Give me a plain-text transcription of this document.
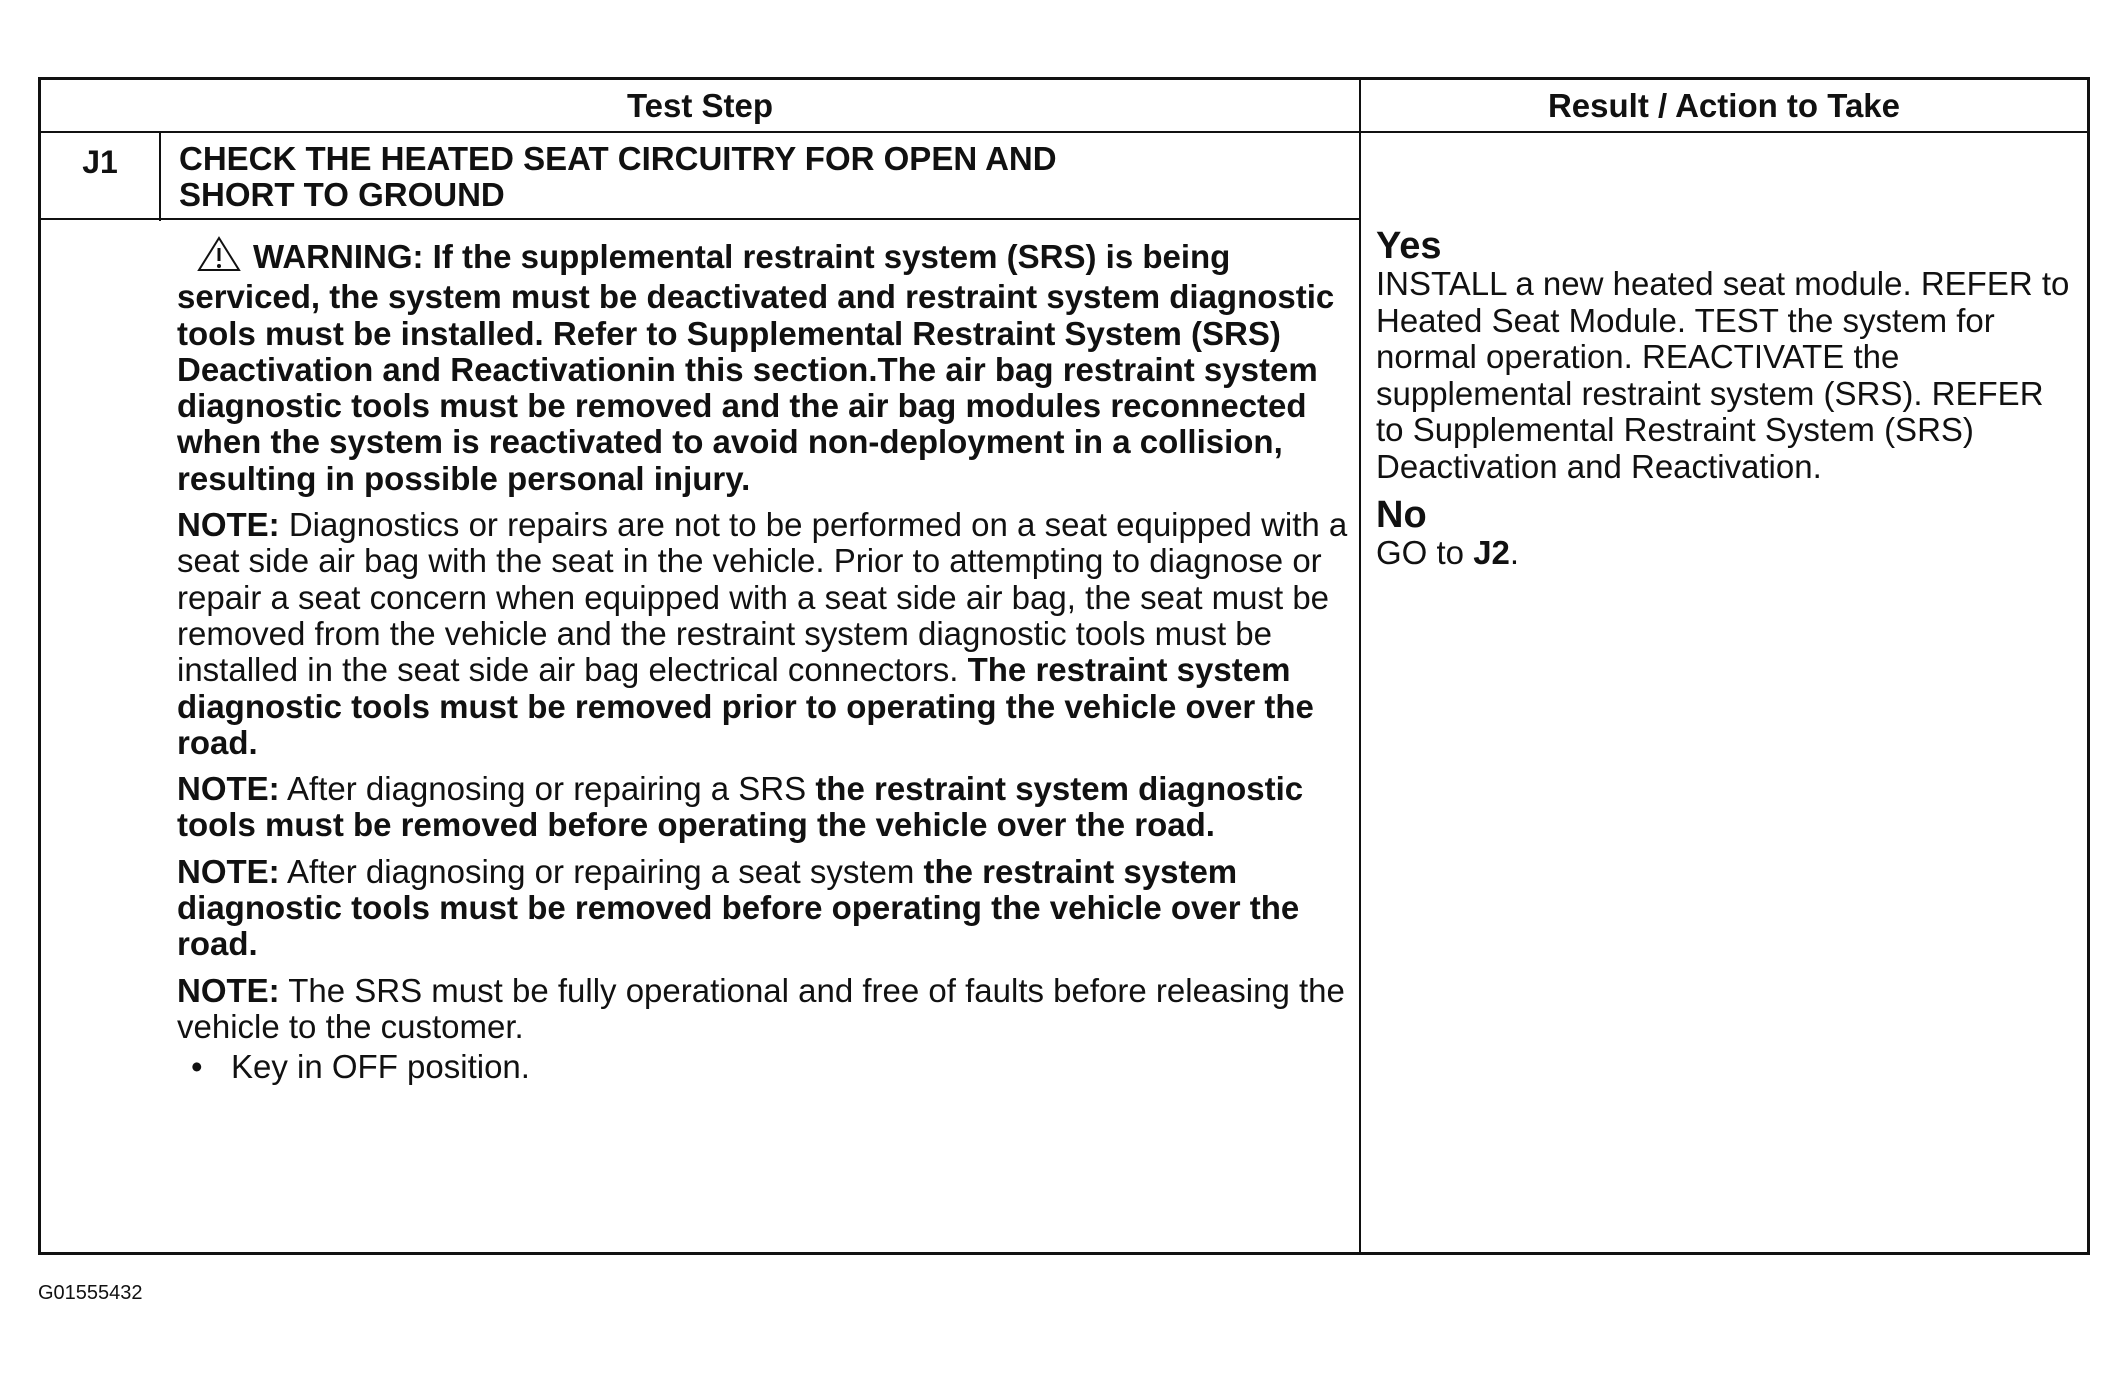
Test Step	Result / Action to Take
J1	CHECK THE HEATED SEAT CIRCUITRY FOR OPEN AND
SHORT TO GROUND

WARNING: If the supplemental restraint system (SRS) is being serviced, the system must be deactivated and restraint system diagnostic tools must be installed. Refer to Supplemental Restraint System (SRS) Deactivation and Reactivationin this section.The air bag restraint system diagnostic tools must be removed and the air bag modules reconnected when the system is reactivated to avoid non-deployment in a collision, resulting in possible personal injury.

NOTE: Diagnostics or repairs are not to be performed on a seat equipped with a seat side air bag with the seat in the vehicle. Prior to attempting to diagnose or repair a seat concern when equipped with a seat side air bag, the seat must be removed from the vehicle and the restraint system diagnostic tools must be installed in the seat side air bag electrical connectors. The restraint system diagnostic tools must be removed prior to operating the vehicle over the road.

NOTE: After diagnosing or repairing a SRS the restraint system diagnostic tools must be removed before operating the vehicle over the road.

NOTE: After diagnosing or repairing a seat system the restraint system diagnostic tools must be removed before operating the vehicle over the road.

NOTE: The SRS must be fully operational and free of faults before releasing the vehicle to the customer.

• Key in OFF position.
Yes

INSTALL a new heated seat module. REFER to Heated Seat Module. TEST the system for normal operation. REACTIVATE the supplemental restraint system (SRS). REFER to Supplemental Restraint System (SRS) Deactivation and Reactivation.

No

GO to J2.

G01555432
